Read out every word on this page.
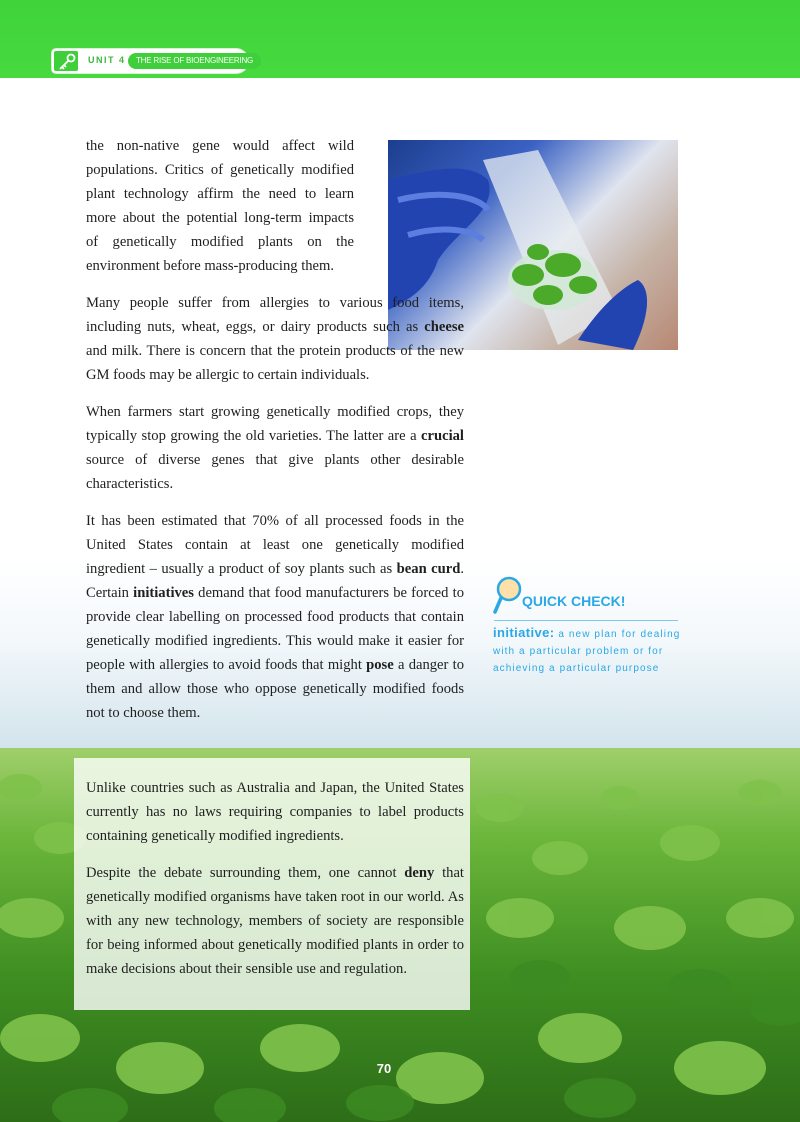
UNIT 4	THE RISE OF BIOENGINEERING

the non-native gene would affect wild populations. Critics of genetically modified plant technology affirm the need to learn more about the potential long-term impacts of genetically modified plants on the environment before mass-producing them.

Many people suffer from allergies to various food items, including nuts, wheat, eggs, or dairy products such as cheese and milk. There is concern that the protein products of the new GM foods may be allergic to certain individuals.

When farmers start growing genetically modified crops, they typically stop growing the old varieties. The latter are a crucial source of diverse genes that give plants other desirable characteristics.

It has been estimated that 70% of all processed foods in the United States contain at least one genetically modified ingredient – usually a product of soy plants such as bean curd. Certain initiatives demand that food manufacturers be forced to provide clear labelling on processed food products that contain genetically modified ingredients. This would make it easier for people with allergies to avoid foods that might pose a danger to them and allow those who oppose genetically modified foods not to choose them.

Unlike countries such as Australia and Japan, the United States currently has no laws requiring companies to label products containing genetically modified ingredients.

Despite the debate surrounding them, one cannot deny that genetically modified organisms have taken root in our world. As with any new technology, members of society are responsible for being informed about genetically modified plants in order to make decisions about their sensible use and regulation.

QUICK CHECK!
initiative: a new plan for dealing with a particular problem or for achieving a particular purpose
70
